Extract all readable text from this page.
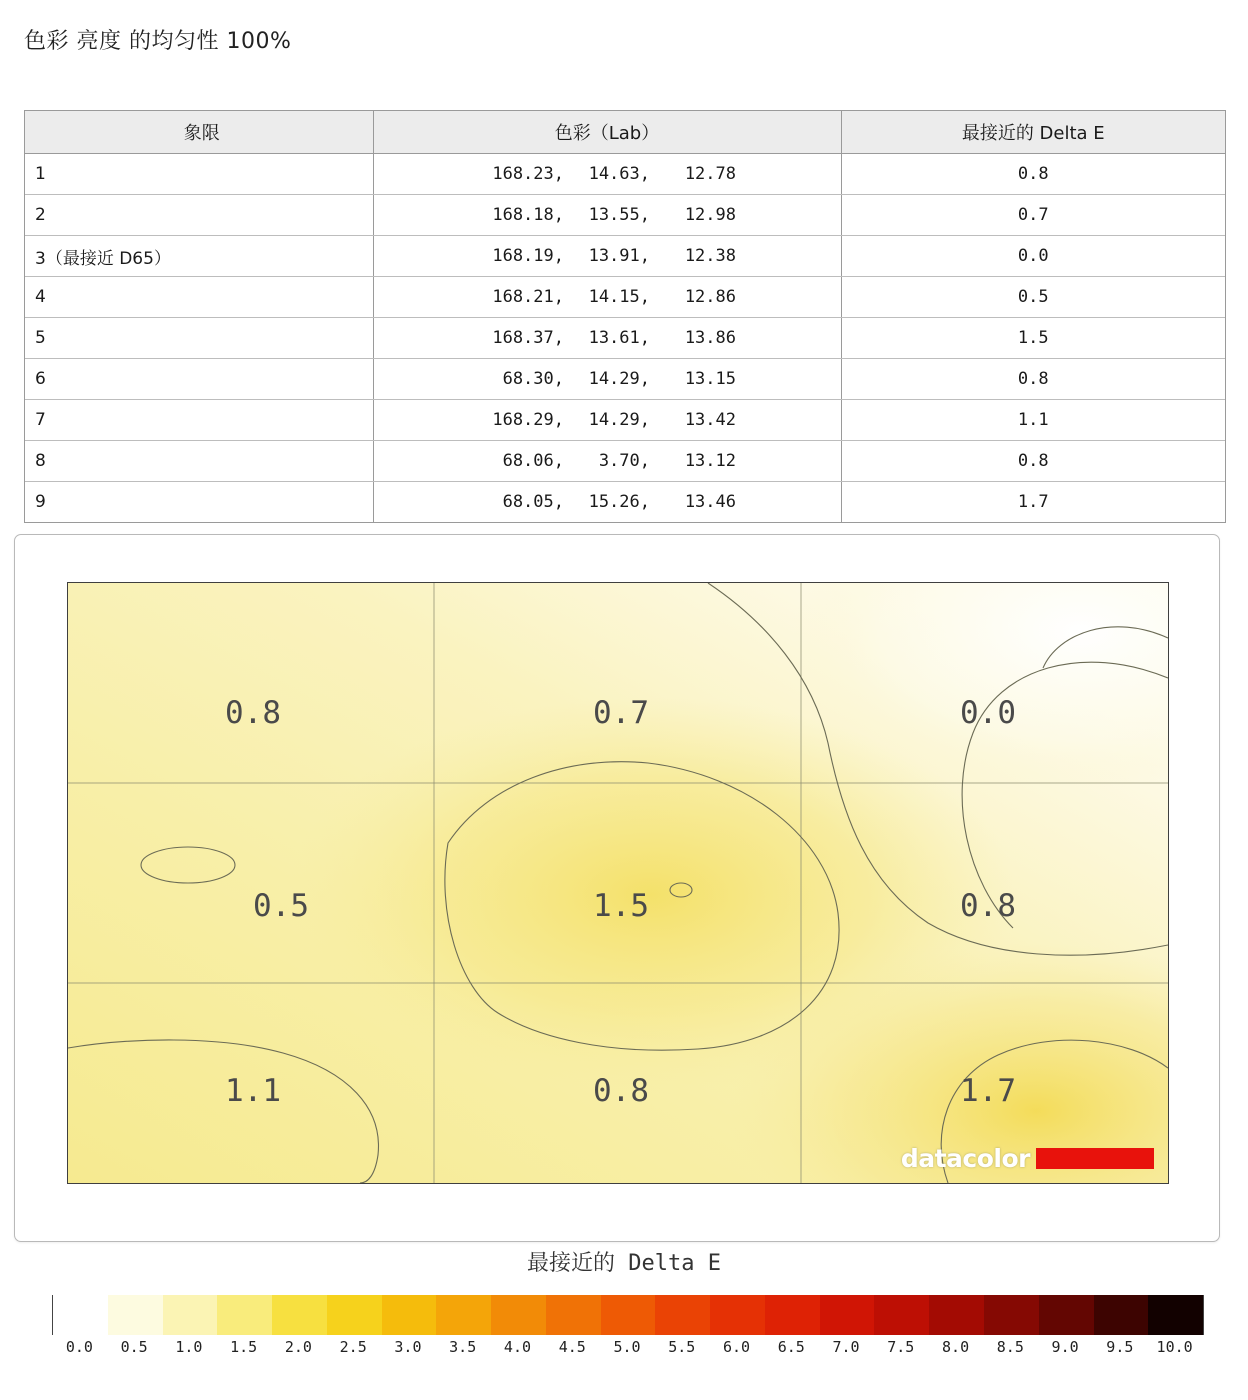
色彩 亮度 的均匀性 100%
象限	色彩（Lab）	最接近的 Delta E
1	168.23, 14.63, 12.78	0.8
2	168.18, 13.55, 12.98	0.7
3（最接近 D65）	168.19, 13.91, 12.38	0.0
4	168.21, 14.15, 12.86	0.5
5	168.37, 13.61, 13.86	1.5
6	68.30, 14.29, 13.15	0.8
7	168.29, 14.29, 13.42	1.1
8	68.06, 3.70, 13.12	0.8
9	68.05, 15.26, 13.46	1.7
0.8	0.7	0.0
0.5	1.5	0.8
1.1	0.8	1.7
datacolor
最接近的 Delta E
0.0 0.5 1.0 1.5 2.0 2.5 3.0 3.5 4.0 4.5 5.0 5.5 6.0 6.5 7.0 7.5 8.0 8.5 9.0 9.5 10.0
